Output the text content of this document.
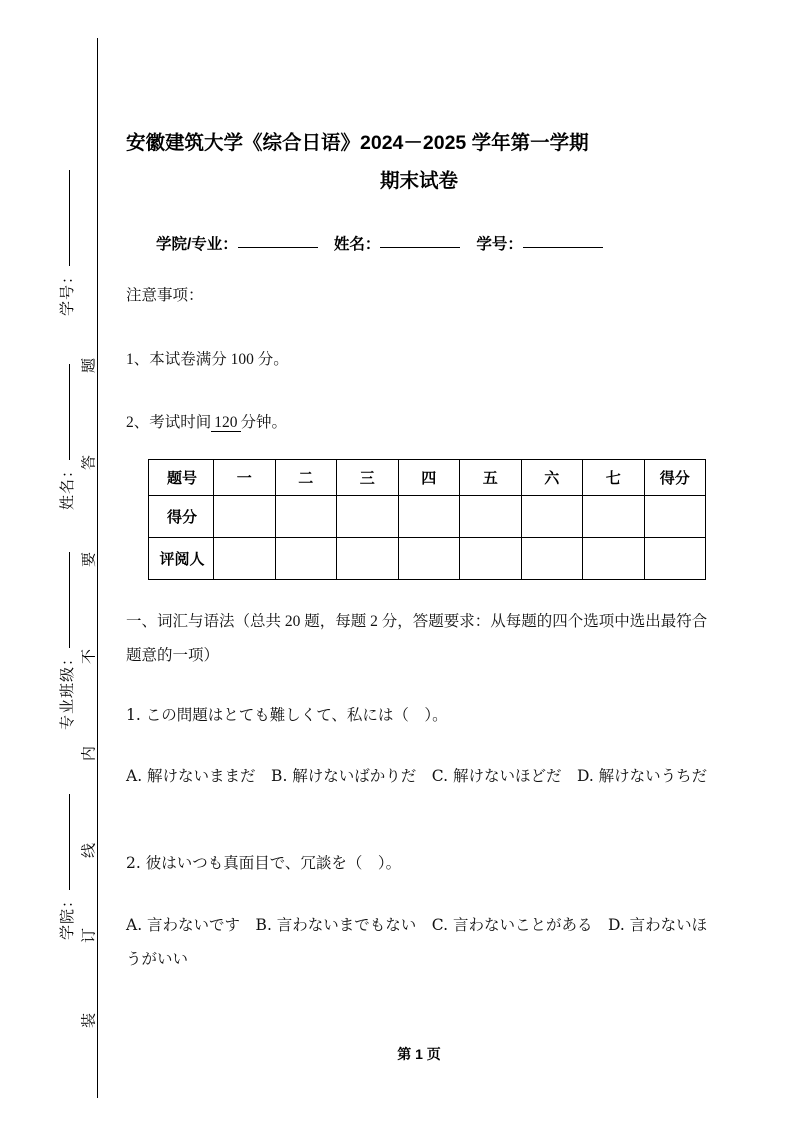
学号：
姓名：
专业班级：
学院：
题
答
要
不
内
线
订
装
安徽建筑大学《综合日语》2024－2025 学年第一学期
期末试卷
学院/专业：	姓名：	学号：
注意事项：
1、本试卷满分 100 分。
2、考试时间 120 分钟。
题号	一	二	三	四	五	六	七	得分
得分								
评阅人								
一、词汇与语法（总共 20 题，每题 2 分，答题要求：从每题的四个选项中选出最符合题意的一项）
1. この問題はとても難しくて、私には（　）。
A. 解けないままだ　B. 解けないばかりだ　C. 解けないほどだ　D. 解けないうちだ
2. 彼はいつも真面目で、冗談を（　）。
A. 言わないです　B. 言わないまでもない　C. 言わないことがある　D. 言わないほうがいい
第 1 页
